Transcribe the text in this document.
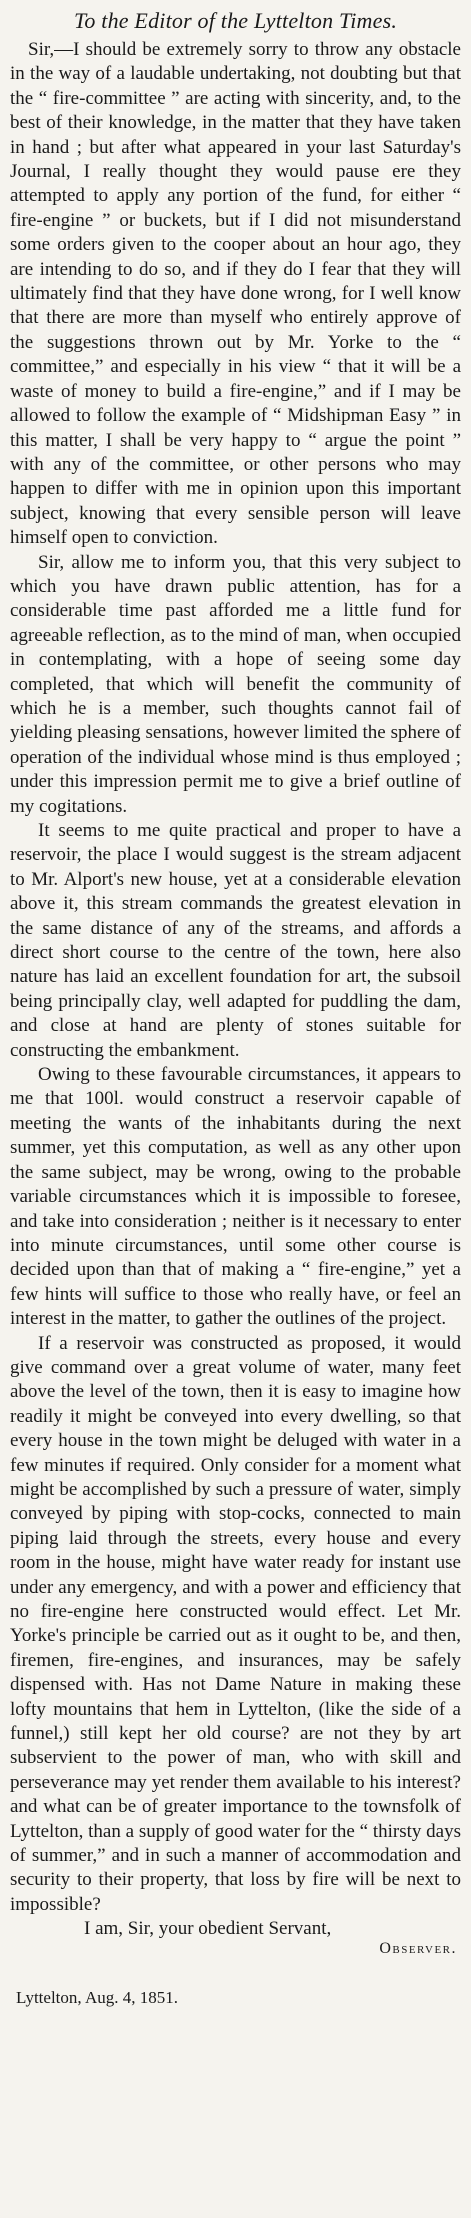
To the Editor of the Lyttelton Times.

Sir,—I should be extremely sorry to throw any obstacle in the way of a laudable undertaking, not doubting but that the “ fire-committee ” are acting with sincerity, and, to the best of their knowledge, in the matter that they have taken in hand ; but after what appeared in your last Saturday's Journal, I really thought they would pause ere they attempted to apply any portion of the fund, for either “ fire-engine ” or buckets, but if I did not misunderstand some orders given to the cooper about an hour ago, they are intending to do so, and if they do I fear that they will ultimately find that they have done wrong, for I well know that there are more than myself who entirely approve of the suggestions thrown out by Mr. Yorke to the “ committee,” and especially in his view “ that it will be a waste of money to build a fire-engine,” and if I may be allowed to follow the example of “ Midshipman Easy ” in this matter, I shall be very happy to “ argue the point ” with any of the committee, or other persons who may happen to differ with me in opinion upon this important subject, knowing that every sensible person will leave himself open to conviction.

Sir, allow me to inform you, that this very subject to which you have drawn public attention, has for a considerable time past afforded me a little fund for agreeable reflection, as to the mind of man, when occupied in contemplating, with a hope of seeing some day completed, that which will benefit the community of which he is a member, such thoughts cannot fail of yielding pleasing sensations, however limited the sphere of operation of the individual whose mind is thus employed ; under this impression permit me to give a brief outline of my cogitations.

It seems to me quite practical and proper to have a reservoir, the place I would suggest is the stream adjacent to Mr. Alport's new house, yet at a considerable elevation above it, this stream commands the greatest elevation in the same distance of any of the streams, and affords a direct short course to the centre of the town, here also nature has laid an excellent foundation for art, the subsoil being principally clay, well adapted for puddling the dam, and close at hand are plenty of stones suitable for constructing the embankment.

Owing to these favourable circumstances, it appears to me that 100l. would construct a reservoir capable of meeting the wants of the inhabitants during the next summer, yet this computation, as well as any other upon the same subject, may be wrong, owing to the probable variable circumstances which it is impossible to foresee, and take into consideration ; neither is it necessary to enter into minute circumstances, until some other course is decided upon than that of making a “ fire-engine,” yet a few hints will suffice to those who really have, or feel an interest in the matter, to gather the outlines of the project.

If a reservoir was constructed as proposed, it would give command over a great volume of water, many feet above the level of the town, then it is easy to imagine how readily it might be conveyed into every dwelling, so that every house in the town might be deluged with water in a few minutes if required. Only consider for a moment what might be accomplished by such a pressure of water, simply conveyed by piping with stop-cocks, connected to main piping laid through the streets, every house and every room in the house, might have water ready for instant use under any emergency, and with a power and efficiency that no fire-engine here constructed would effect. Let Mr. Yorke's principle be carried out as it ought to be, and then, firemen, fire-engines, and insurances, may be safely dispensed with. Has not Dame Nature in making these lofty mountains that hem in Lyttelton, (like the side of a funnel,) still kept her old course? are not they by art subservient to the power of man, who with skill and perseverance may yet render them available to his interest? and what can be of greater importance to the townsfolk of Lyttelton, than a supply of good water for the “ thirsty days of summer,” and in such a manner of accommodation and security to their property, that loss by fire will be next to impossible?

I am, Sir, your obedient Servant,
Observer.
Lyttelton, Aug. 4, 1851.
